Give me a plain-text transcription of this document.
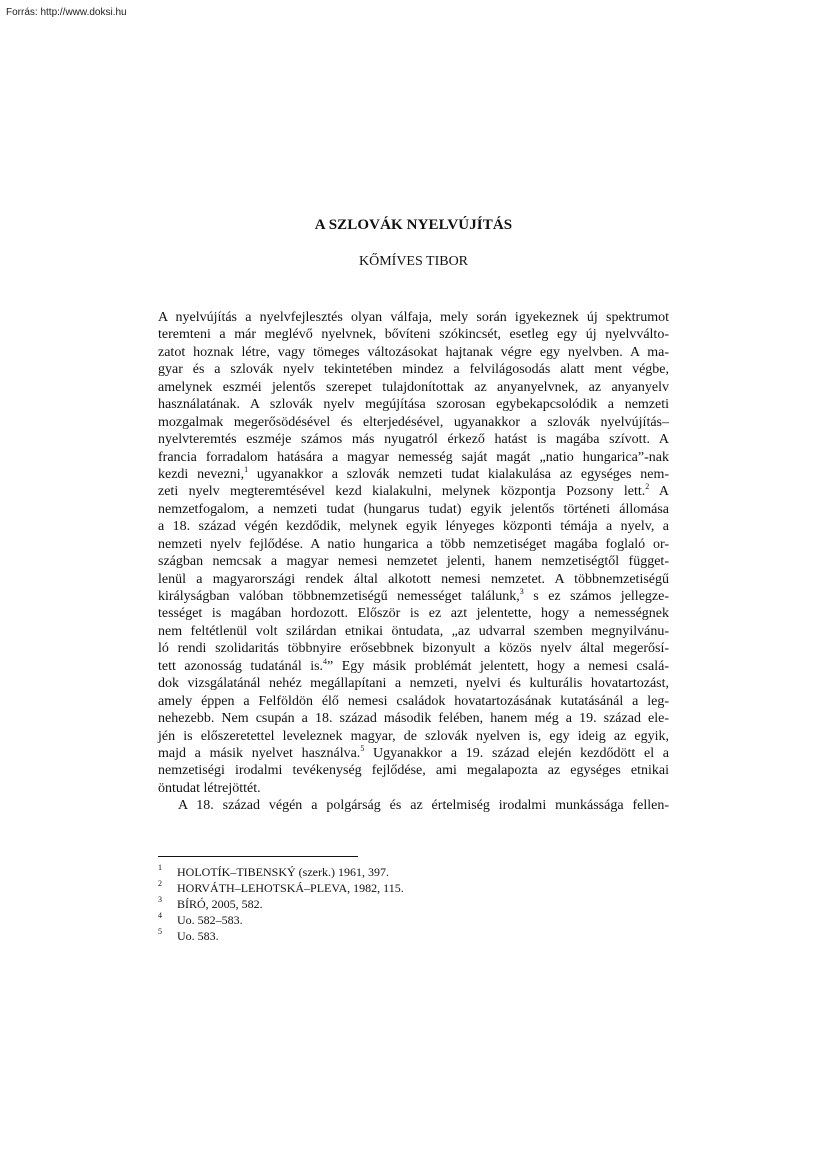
Forrás: http://www.doksi.hu
A SZLOVÁK NYELVÚJÍTÁS
KŐMÍVES TIBOR
A nyelvújítás a nyelvfejlesztés olyan válfaja, mely során igyekeznek új spektrumot
teremteni a már meglévő nyelvnek, bővíteni szókincsét, esetleg egy új nyelvválto-
zatot hoznak létre, vagy tömeges változásokat hajtanak végre egy nyelvben. A ma-
gyar és a szlovák nyelv tekintetében mindez a felvilágosodás alatt ment végbe,
amelynek eszméi jelentős szerepet tulajdonítottak az anyanyelvnek, az anyanyelv
használatának. A szlovák nyelv megújítása szorosan egybekapcsolódik a nemzeti
mozgalmak megerősödésével és elterjedésével, ugyanakkor a szlovák nyelvújítás–
nyelvteremtés eszméje számos más nyugatról érkező hatást is magába szívott. A
francia forradalom hatására a magyar nemesség saját magát „natio hungarica”-nak
kezdi nevezni,$^1$ ugyanakkor a szlovák nemzeti tudat kialakulása az egységes nem-
zeti nyelv megteremtésével kezd kialakulni, melynek központja Pozsony lett.$^2$ A
nemzetfogalom, a nemzeti tudat (hungarus tudat) egyik jelentős történeti állomása
a 18. század végén kezdődik, melynek egyik lényeges központi témája a nyelv, a
nemzeti nyelv fejlődése. A natio hungarica a több nemzetiséget magába foglaló or-
szágban nemcsak a magyar nemesi nemzetet jelenti, hanem nemzetiségtől függet-
lenül a magyarországi rendek által alkotott nemesi nemzetet. A többnemzetiségű
királyságban valóban többnemzetiségű nemességet találunk,$^3$ s ez számos jellegze-
tességet is magában hordozott. Először is ez azt jelentette, hogy a nemességnek
nem feltétlenül volt szilárdan etnikai öntudata, „az udvarral szemben megnyilvánu-
ló rendi szolidaritás többnyire erősebbnek bizonyult a közös nyelv által megerősí-
tett azonosság tudatánál is.$^4$” Egy másik problémát jelentett, hogy a nemesi csalá-
dok vizsgálatánál nehéz megállapítani a nemzeti, nyelvi és kulturális hovatartozást,
amely éppen a Felföldön élő nemesi családok hovatartozásának kutatásánál a leg-
nehezebb. Nem csupán a 18. század második felében, hanem még a 19. század ele-
jén is előszeretettel leveleznek magyar, de szlovák nyelven is, egy ideig az egyik,
majd a másik nyelvet használva.$^5$ Ugyanakkor a 19. század elején kezdődött el a
nemzetiségi irodalmi tevékenység fejlődése, ami megalapozta az egységes etnikai
öntudat létrejöttét.
A 18. század végén a polgárság és az értelmiség irodalmi munkássága fellen-
1 HOLOTÍK–TIBENSKÝ (szerk.) 1961, 397.
2 HORVÁTH–LEHOTSKÁ–PLEVA, 1982, 115.
3 BÍRÓ, 2005, 582.
4 Uo. 582–583.
5 Uo. 583.
